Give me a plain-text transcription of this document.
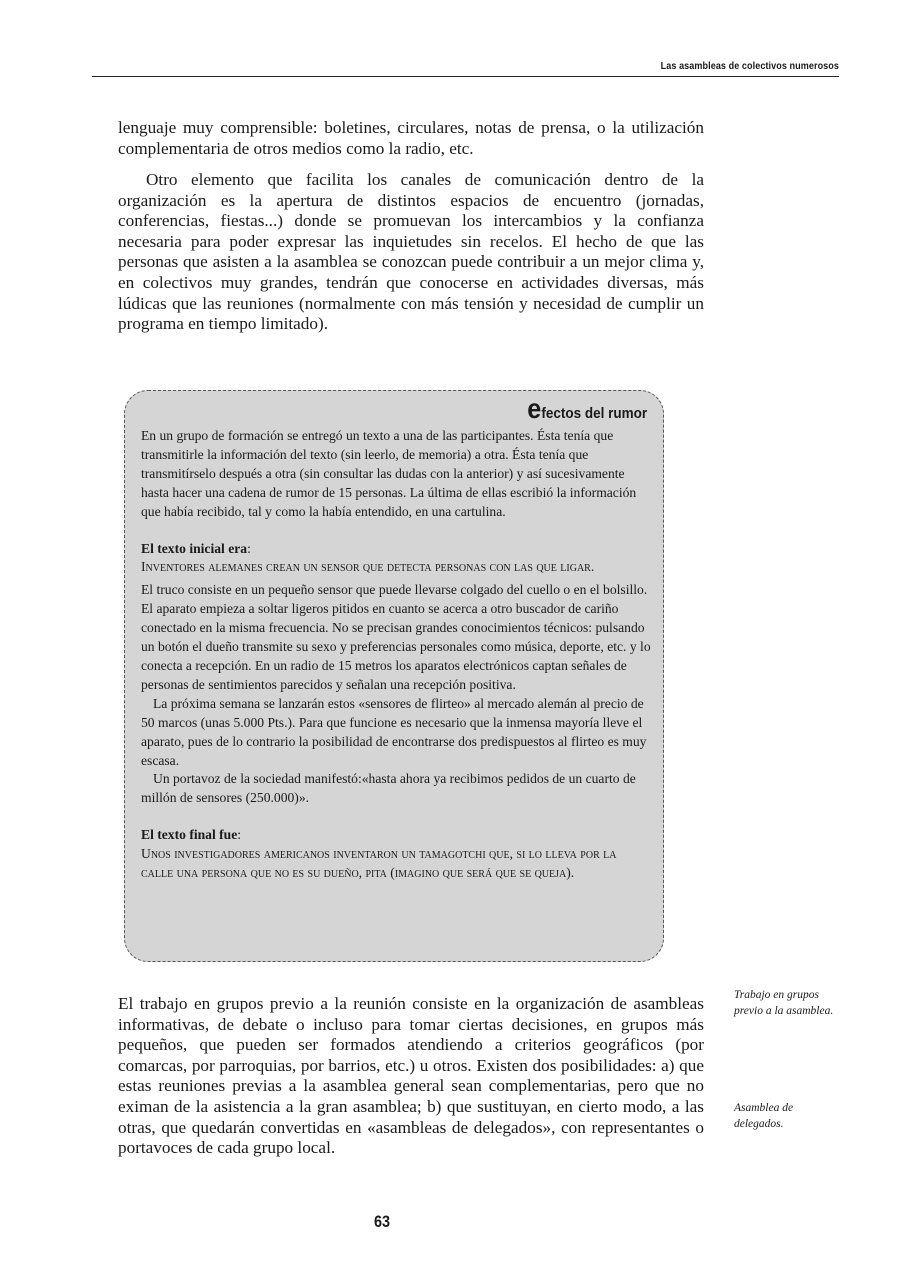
Las asambleas de colectivos numerosos

lenguaje muy comprensible: boletines, circulares, notas de prensa, o la utilización complementaria de otros medios como la radio, etc.

Otro elemento que facilita los canales de comunicación dentro de la organización es la apertura de distintos espacios de encuentro (jornadas, conferencias, fiestas...) donde se promuevan los intercambios y la confianza necesaria para poder expresar las inquietudes sin recelos. El hecho de que las personas que asisten a la asamblea se conozcan puede contribuir a un mejor clima y, en colectivos muy grandes, tendrán que conocerse en actividades diversas, más lúdicas que las reuniones (normalmente con más tensión y necesidad de cumplir un programa en tiempo limitado).

efectos del rumor

En un grupo de formación se entregó un texto a una de las participantes. Ésta tenía que transmitirle la información del texto (sin leerlo, de memoria) a otra. Ésta tenía que transmitírselo después a otra (sin consultar las dudas con la anterior) y así sucesivamente hasta hacer una cadena de rumor de 15 personas. La última de ellas escribió la información que había recibido, tal y como la había entendido, en una cartulina.

El texto inicial era:

Inventores alemanes crean un sensor que detecta personas con las que ligar.

El truco consiste en un pequeño sensor que puede llevarse colgado del cuello o en el bolsillo. El aparato empieza a soltar ligeros pitidos en cuanto se acerca a otro buscador de cariño conectado en la misma frecuencia. No se precisan grandes conocimientos técnicos: pulsando un botón el dueño transmite su sexo y preferencias personales como música, deporte, etc. y lo conecta a recepción. En un radio de 15 metros los aparatos electrónicos captan señales de personas de sentimientos parecidos y señalan una recepción positiva.

La próxima semana se lanzarán estos «sensores de flirteo» al mercado alemán al precio de 50 marcos (unas 5.000 Pts.). Para que funcione es necesario que la inmensa mayoría lleve el aparato, pues de lo contrario la posibilidad de encontrarse dos predispuestos al flirteo es muy escasa.

Un portavoz de la sociedad manifestó:«hasta ahora ya recibimos pedidos de un cuarto de millón de sensores (250.000)».

El texto final fue:

Unos investigadores americanos inventaron un tamagotchi que, si lo lleva por la calle una persona que no es su dueño, pita (imagino que será que se queja).

El trabajo en grupos previo a la reunión consiste en la organización de asambleas informativas, de debate o incluso para tomar ciertas decisiones, en grupos más pequeños, que pueden ser formados atendiendo a criterios geográficos (por comarcas, por parroquias, por barrios, etc.) u otros. Existen dos posibilidades: a) que estas reuniones previas a la asamblea general sean complementarias, pero que no eximan de la asistencia a la gran asamblea; b) que sustituyan, en cierto modo, a las otras, que quedarán convertidas en «asambleas de delegados», con representantes o portavoces de cada grupo local.

Trabajo en grupos previo a la asamblea.
Asamblea de delegados.
63
